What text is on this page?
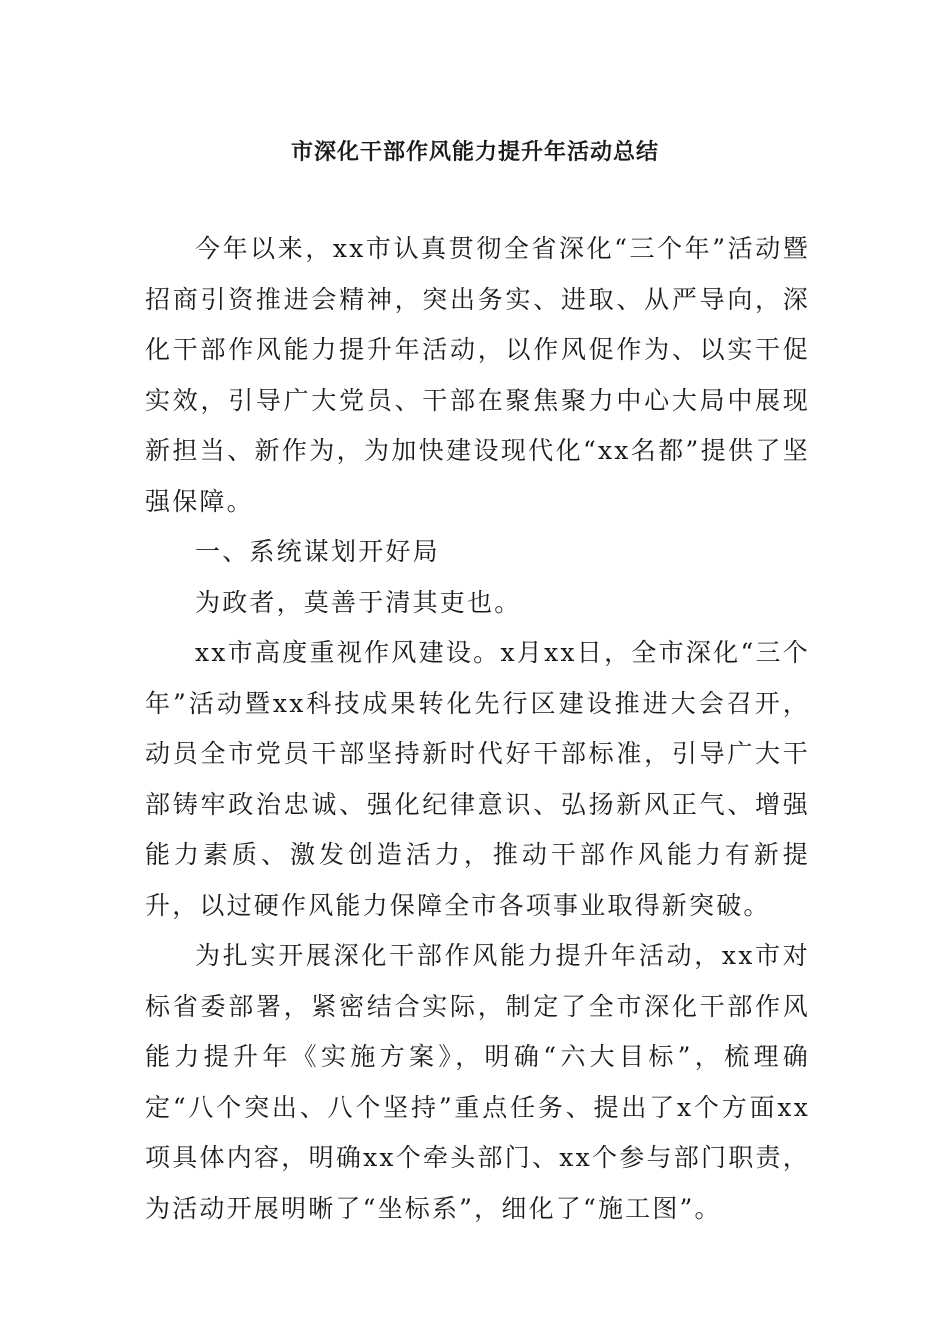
市深化干部作风能力提升年活动总结

今年以来，xx市认真贯彻全省深化“三个年”活动暨招商引资推进会精神，突出务实、进取、从严导向，深化干部作风能力提升年活动，以作风促作为、以实干促实效，引导广大党员、干部在聚焦聚力中心大局中展现新担当、新作为，为加快建设现代化“xx名都”提供了坚强保障。

一、系统谋划开好局

为政者，莫善于清其吏也。

xx市高度重视作风建设。x月xx日，全市深化“三个年”活动暨xx科技成果转化先行区建设推进大会召开，动员全市党员干部坚持新时代好干部标准，引导广大干部铸牢政治忠诚、强化纪律意识、弘扬新风正气、增强能力素质、激发创造活力，推动干部作风能力有新提升，以过硬作风能力保障全市各项事业取得新突破。

为扎实开展深化干部作风能力提升年活动，xx市对标省委部署，紧密结合实际，制定了全市深化干部作风能力提升年《实施方案》，明确“六大目标”，梳理确定“八个突出、八个坚持”重点任务、提出了x个方面xx项具体内容，明确xx个牵头部门、xx个参与部门职责，为活动开展明晰了“坐标系”，细化了“施工图”。
